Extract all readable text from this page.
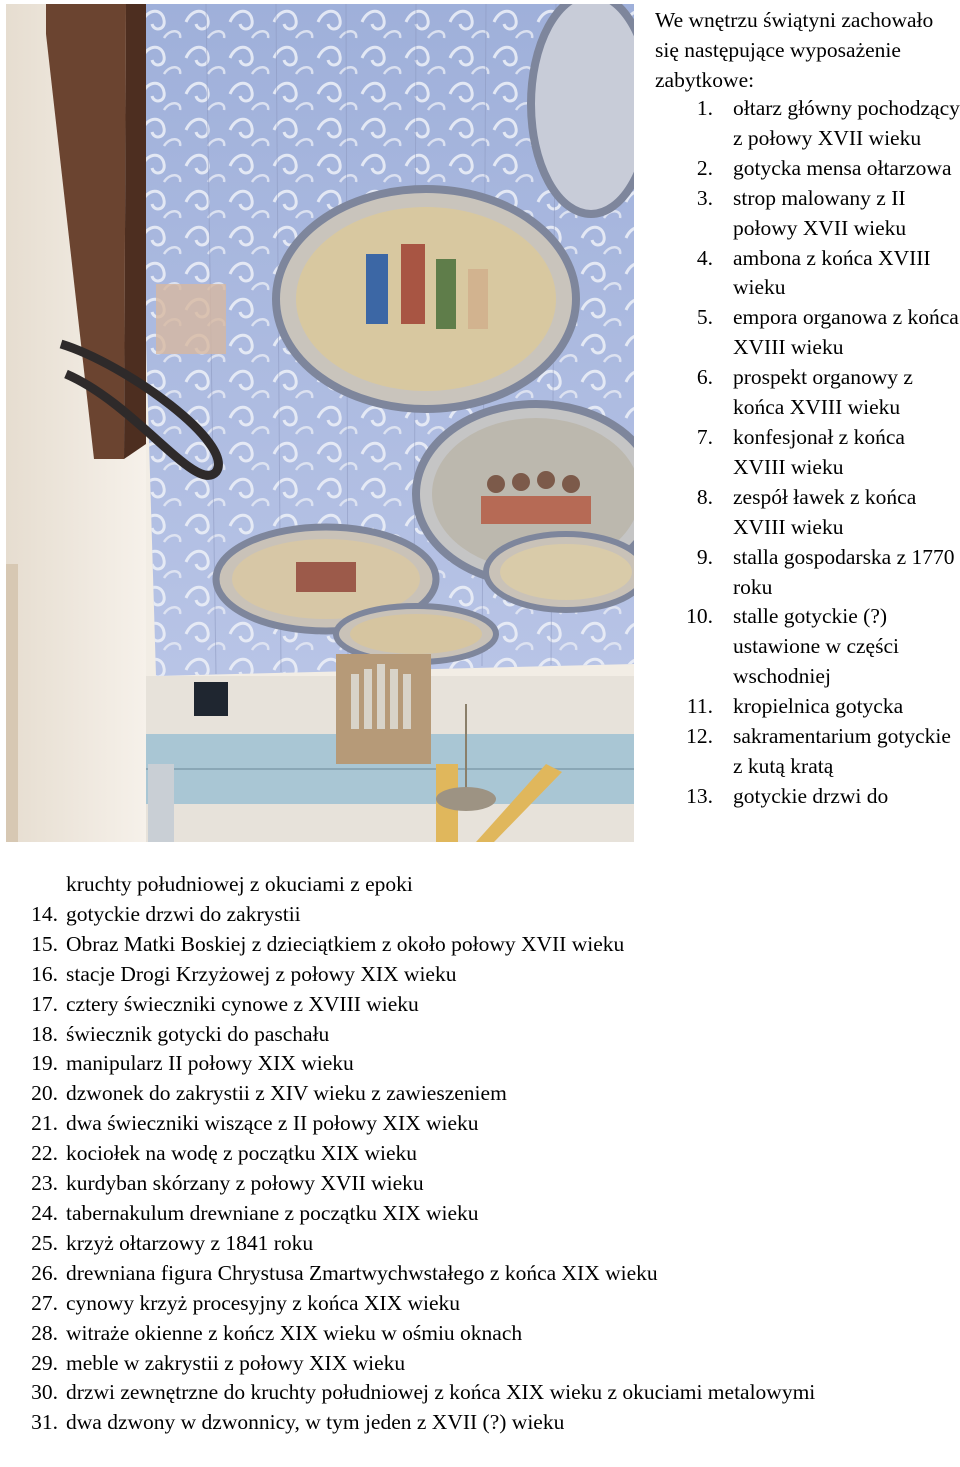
We wnętrzu świątyni zachowało się następujące wyposażenie zabytkowe:
1. ołtarz główny pochodzący z połowy XVII wieku
2. gotycka mensa ołtarzowa
3. strop malowany z II połowy XVII wieku
4. ambona z końca XVIII wieku
5. empora organowa z końca XVIII wieku
6. prospekt organowy z końca XVIII wieku
7. konfesjonał z końca XVIII wieku
8. zespół ławek z końca XVIII wieku
9. stalla gospodarska z 1770 roku
10. stalle gotyckie (?) ustawione w części wschodniej
11. kropielnica gotycka
12. sakramentarium gotyckie z kutą kratą
13. gotyckie drzwi do
kruchty południowej z okuciami z epoki
14. gotyckie drzwi do zakrystii
15. Obraz Matki Boskiej z dzieciątkiem z około połowy XVII wieku
16. stacje Drogi Krzyżowej z połowy XIX wieku
17. cztery świeczniki cynowe z XVIII wieku
18. świecznik gotycki do paschału
19. manipularz II połowy XIX wieku
20. dzwonek do zakrystii z XIV wieku z zawieszeniem
21. dwa świeczniki wiszące z II połowy XIX wieku
22. kociołek na wodę z początku XIX wieku
23. kurdyban skórzany z połowy XVII wieku
24. tabernakulum drewniane z początku XIX wieku
25. krzyż ołtarzowy z 1841 roku
26. drewniana figura Chrystusa Zmartwychwstałego z końca XIX wieku
27. cynowy krzyż procesyjny z końca XIX wieku
28. witraże okienne z kończ XIX wieku w ośmiu oknach
29. meble w zakrystii z połowy XIX wieku
30. drzwi zewnętrzne do kruchty południowej z końca XIX wieku z okuciami metalowymi
31. dwa dzwony w dzwonnicy, w tym jeden z XVII (?) wieku
